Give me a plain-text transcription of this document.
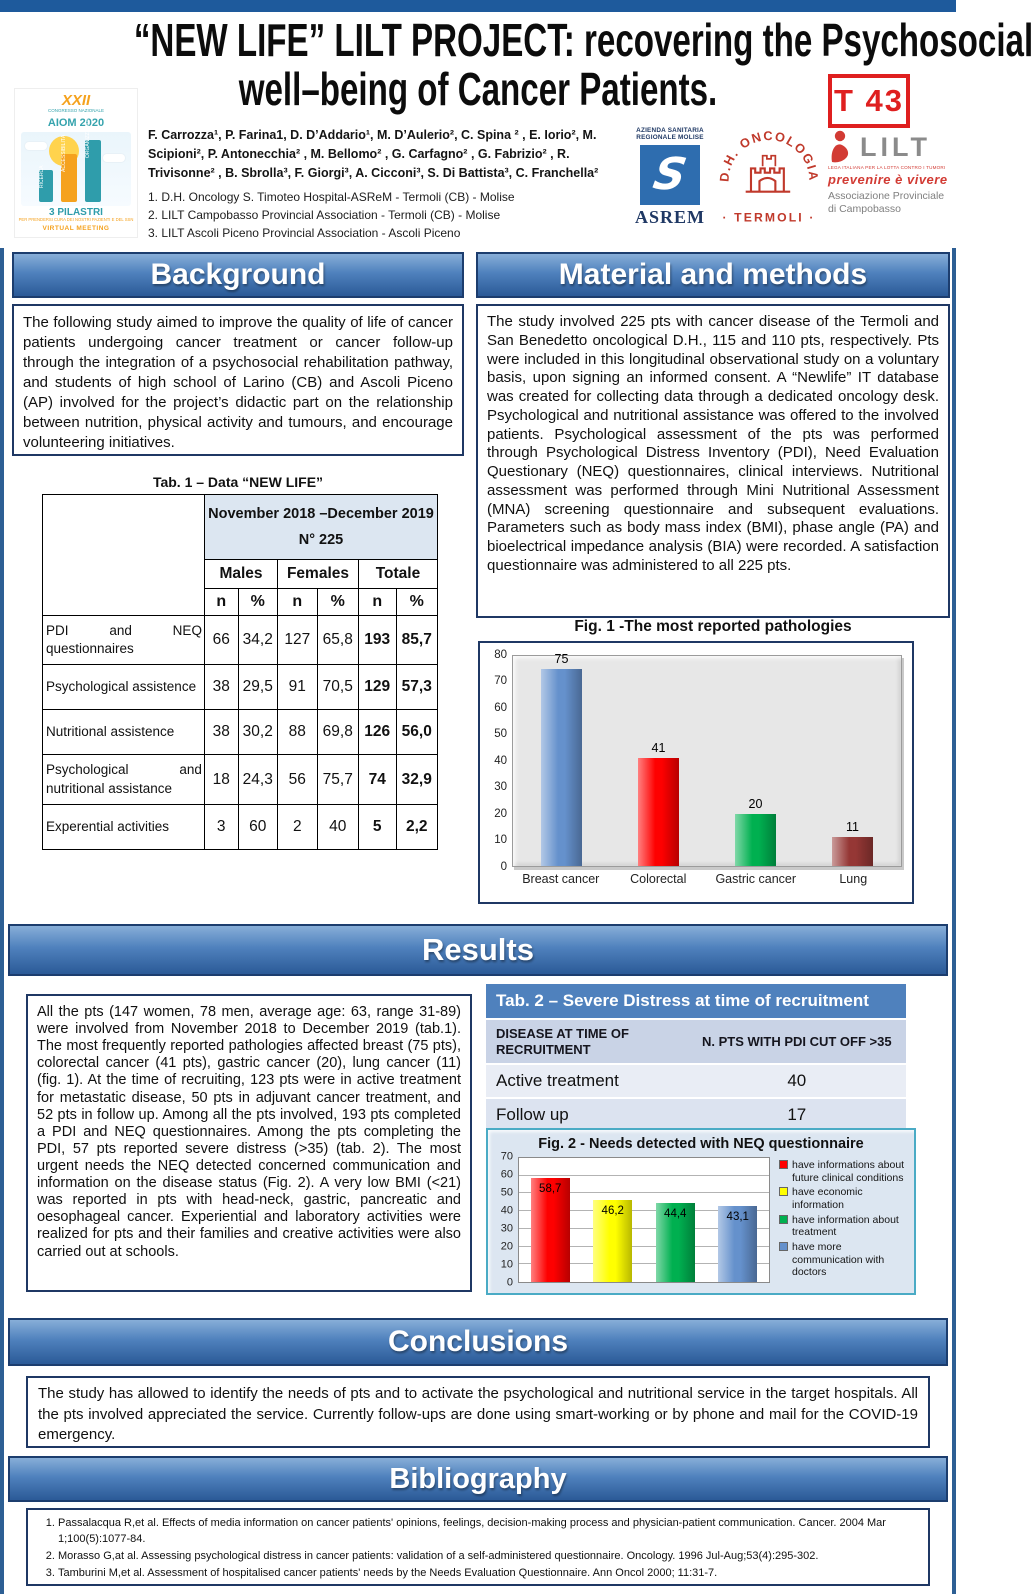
“NEW LIFE” LILT PROJECT: recovering the Psychosocial
well–being of Cancer Patients.	T 43
XXII
CONGRESSO NAZIONALE
AIOM 2020
RICERCA
ORGANIZZAZIONE
3 PILASTRI
PER PRENDERSI CURA DEI NOSTRI PAZIENTI E DEL SSN
VIRTUAL MEETING

F. Carrozza¹, P. Farina1, D. D’Addario¹, M. D’Aulerio², C. Spina ² , E. Iorio², M. Scipioni², P. Antonecchia² , M. Bellomo² , G. Carfagno² , G. Fabrizio² , R. Trivisonne² , B. Sbrolla³, F. Giorgi³, A. Cicconi³, S. Di Battista³, C. Franchella²

1. D.H. Oncology S. Timoteo Hospital-ASReM - Termoli (CB) - Molise
2. LILT Campobasso Provincial Association - Termoli (CB) - Molise
3. LILT Ascoli Piceno Provincial Association - Ascoli Piceno
AZIENDA SANITARIA REGIONALE MOLISE
S
ASREM
D.H. ONCOLOGIA
· TERMOLI ·
LILT
LEGA ITALIANA PER LA LOTTA CONTRO I TUMORI
prevenire è vivere
Associazione Provinciale di Campobasso
Background	Material and methods
Results
Conclusions
Bibliography
The following study aimed to improve the quality of life of cancer patients undergoing cancer treatment or cancer follow-up through the integration of a psychosocial rehabilitation pathway, and students of high school of Larino (CB) and Ascoli Piceno (AP) involved for the project’s didactic part on the relationship between nutrition, physical activity and tumours, and encourage volunteering initiatives.
The study involved 225 pts with cancer disease of the Termoli and San Benedetto oncological D.H., 115 and 110 pts, respectively. Pts were included in this longitudinal observational study on a voluntary basis, upon signing an informed consent. A “Newlife” IT database was created for collecting data through a dedicated oncology desk. Psychological and nutritional assistance was offered to the involved patients. Psychological assessment of the pts was performed through Psychological Distress Inventory (PDI), Need Evaluation Questionary (NEQ) questionnaires, clinical interviews. Nutritional assessment was performed through Mini Nutritional Assessment (MNA) screening questionnaire and subsequent evaluations. Parameters such as body mass index (BMI), phase angle (PA) and bioelectrical impedance analysis (BIA) were recorded. A satisfaction questionnaire was administered to all 225 pts.
All the pts (147 women, 78 men, average age: 63, range 31-89) were involved from November 2018 to December 2019 (tab.1). The most frequently reported pathologies affected breast (75 pts), colorectal cancer (41 pts), gastric cancer (20), lung cancer (11) (fig. 1). At the time of recruiting, 123 pts were in active treatment for metastatic disease, 50 pts in adjuvant cancer treatment, and 52 pts in follow up. Among all the pts involved, 193 pts completed a PDI and NEQ questionnaires. Among the pts completing the PDI, 57 pts reported severe distress (>35) (tab. 2). The most urgent needs the NEQ detected concerned communication and information on the disease status (Fig. 2). A very low BMI (<21) was reported in pts with head-neck, gastric, pancreatic and oesophageal cancer. Experiential and laboratory activities were realized for pts and their families and creative activities were also carried out at schools.
The study has allowed to identify the needs of pts and to activate the psychological and nutritional service in the target hospitals. All the pts involved appreciated the service. Currently follow-ups are done using smart-working or by phone and mail for the COVID-19 emergency.
1. Passalacqua R,et al. Effects of media information on cancer patients' opinions, feelings, decision-making process and physician-patient communication. Cancer. 2004 Mar 1;100(5):1077-84.
2. Morasso G,at al. Assessing psychological distress in cancer patients: validation of a self-administered questionnaire. Oncology. 1996 Jul-Aug;53(4):295-302.
3. Tamburini M,et al. Assessment of hospitalised cancer patients' needs by the Needs Evaluation Questionnaire. Ann Oncol 2000; 11:31-7.
Tab. 1 – Data “NEW LIFE”

	November 2018 –December 2019
N° 225					

	Males		Females		Totale	
	n	%	n	%	n	%
PDI and NEQ questionnaires	66	34,2	127	65,8	193	85,7
Psychological assistence	38	29,5	91	70,5	129	57,3
Nutritional assistence	38	30,2	88	69,8	126	56,0
Psychological and nutritional assistance	18	24,3	56	75,7	74	32,9
Experential activities	3	60	2	40	5	2,2
Fig. 1 -The most reported pathologies
0
10
20
30
40
50
60
70
80	75
41
20
11
Breast cancer	Colorectal	Gastric cancer	Lung
Tab. 2 – Severe Distress at time of recruitment
DISEASE AT TIME OF RECRUITMENT	N. PTS WITH PDI CUT OFF >35
Active treatment	40
Follow up	17
Fig. 2 - Needs detected with NEQ questionnaire
0
10
20
30
40
50
60
70
58,7
46,2	44,4	43,1
have informations about future clinical conditions
have economic information
have information about treatment
have more communication with doctors
